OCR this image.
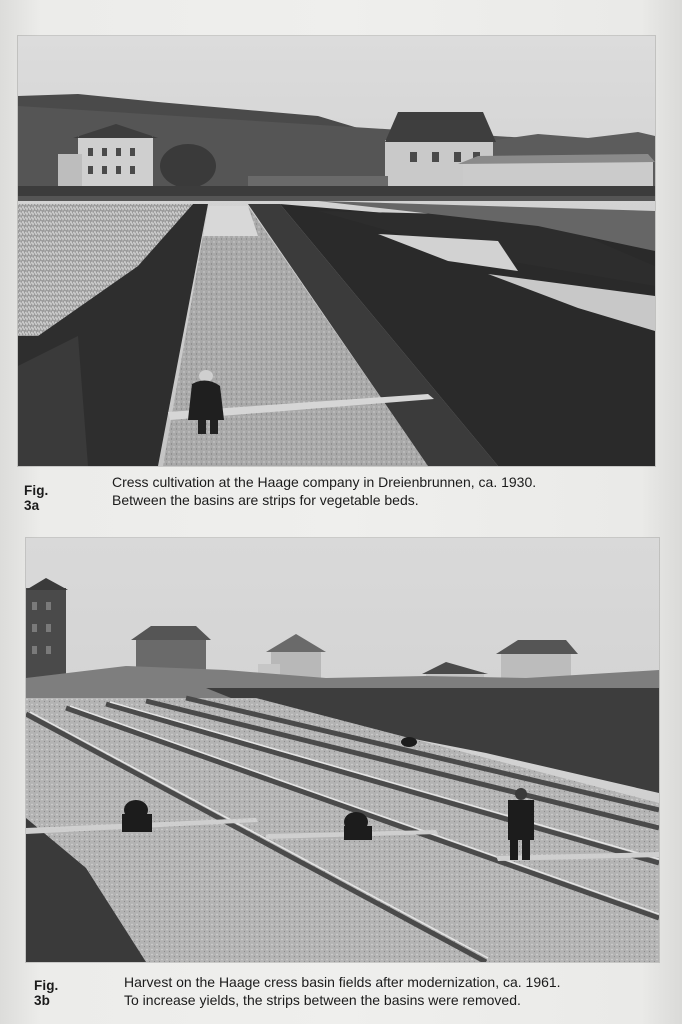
Fig. 3a
Cress cultivation at the Haage company in Dreienbrunnen, ca. 1930.
Between the basins are strips for vegetable beds.
Fig. 3b
Harvest on the Haage cress basin fields after modernization, ca. 1961.
To increase yields, the strips between the basins were removed.
